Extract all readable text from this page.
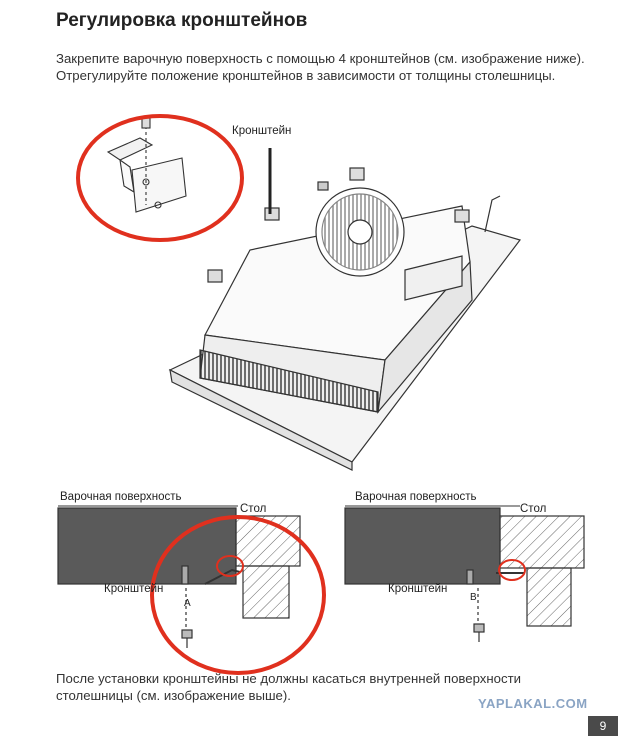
Регулировка кронштейнов
Закрепите варочную поверхность с помощью 4 кронштейнов (см. изображение ниже). Отрегулируйте положение кронштейнов в зависимости от толщины столешницы.
Кронштейн
Варочная поверхность
Стол
Кронштейн
A
Варочная поверхность
Стол
Кронштейн
B
После установки кронштейны не должны касаться внутренней поверхности столешницы (см. изображение выше).
YAPLAKAL.COM
9
